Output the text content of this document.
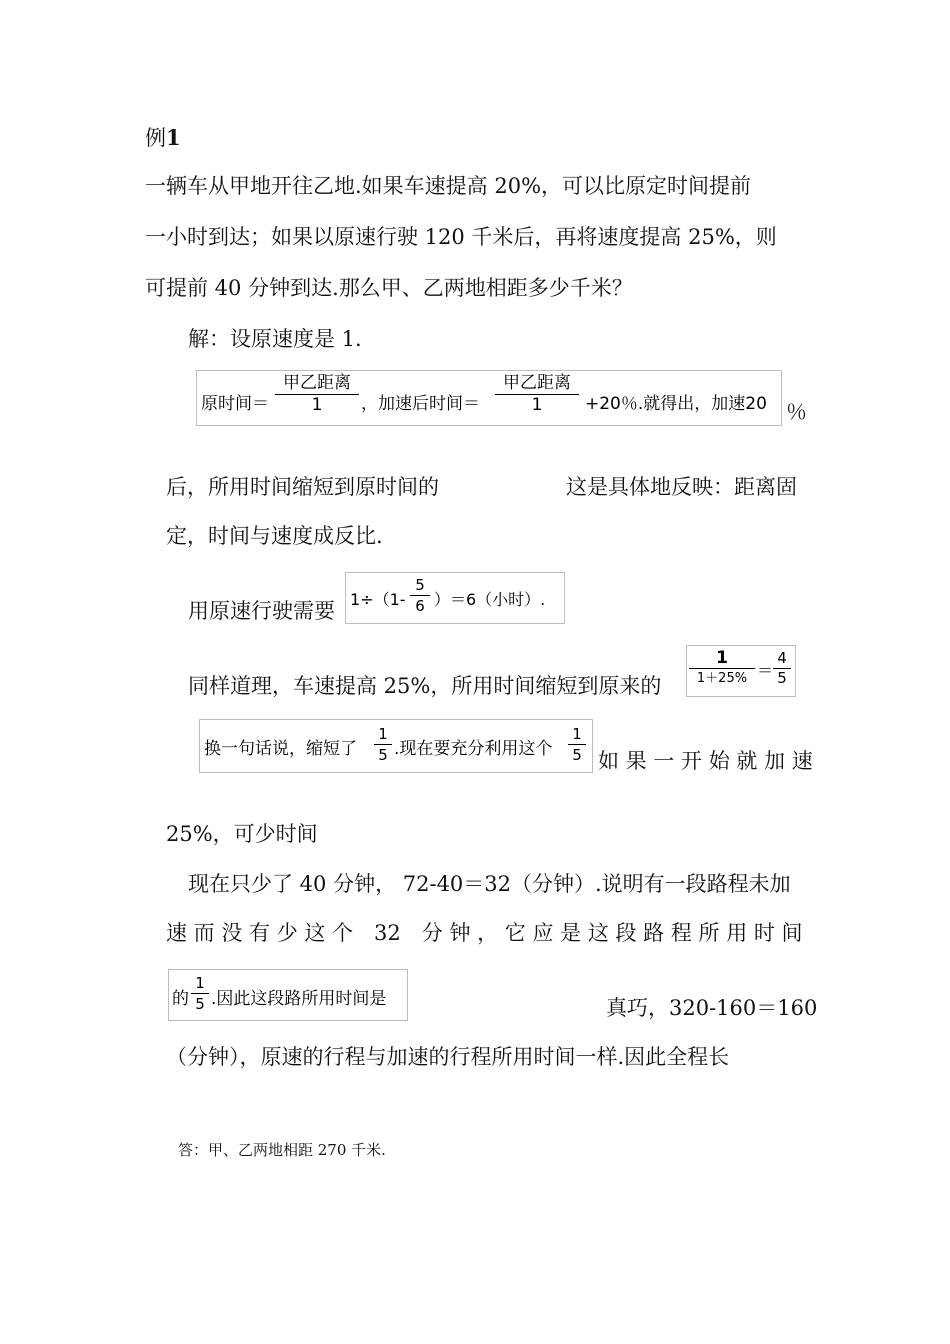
例1
一辆车从甲地开往乙地.如果车速提高 20%，可以比原定时间提前
一小时到达；如果以原速行驶 120 千米后，再将速度提高 25%，则
可提前 40 分钟到达.那么甲、乙两地相距多少千米？
解：设原速度是 1.
原时间＝
甲乙距离
1	，加速后时间＝
甲乙距离
1	+20％.就得出，加速20 ％
后，所用时间缩短到原时间的	这是具体地反映：距离固
定，时间与速度成反比.
用原速行驶需要 $1\div(1- \frac{5}{6} )=6$（小时）.
同样道理，车速提高 25%，所用时间缩短到原来的
1
$1+25\% = \frac{4}{5}$
换一句话说，缩短了 $\frac{1}{5}$ .现在要充分利用这个 $\frac{1}{5}$ 如 果 一 开 始 就 加 速
25%，可少时间
现在只少了 40 分钟， 72-40＝32（分钟）.说明有一段路程未加
速 而 没 有 少 这 个　32　分 钟 ， 它 应 是 这 段 路 程 所 用 时 间
的 $\frac{1}{5}$ .因此这段路所用时间是	真巧，320-160＝160
（分钟），原速的行程与加速的行程所用时间一样.因此全程长
答：甲、乙两地相距 270 千米.
